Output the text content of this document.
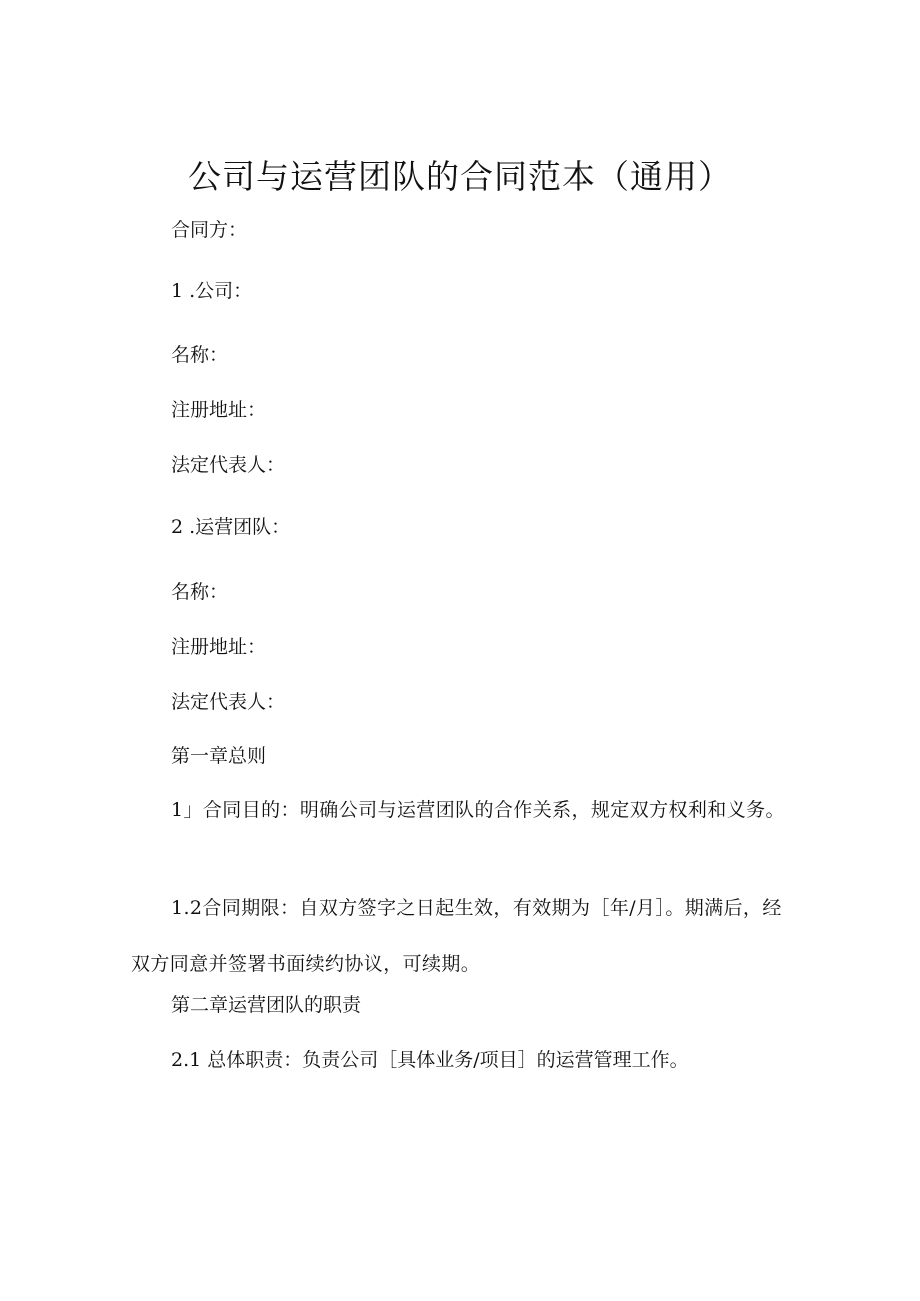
公司与运营团队的合同范本（通用）
合同方：
1 .公司：
名称：
注册地址：
法定代表人：
2 .运营团队：
名称：
注册地址：
法定代表人：
第一章总则
1」合同目的：明确公司与运营团队的合作关系，规定双方权利和义务。
1.2合同期限：自双方签字之日起生效，有效期为［年/月］。期满后，经双方同意并签署书面续约协议，可续期。
第二章运营团队的职责
2.1 总体职责：负责公司［具体业务/项目］的运营管理工作。
